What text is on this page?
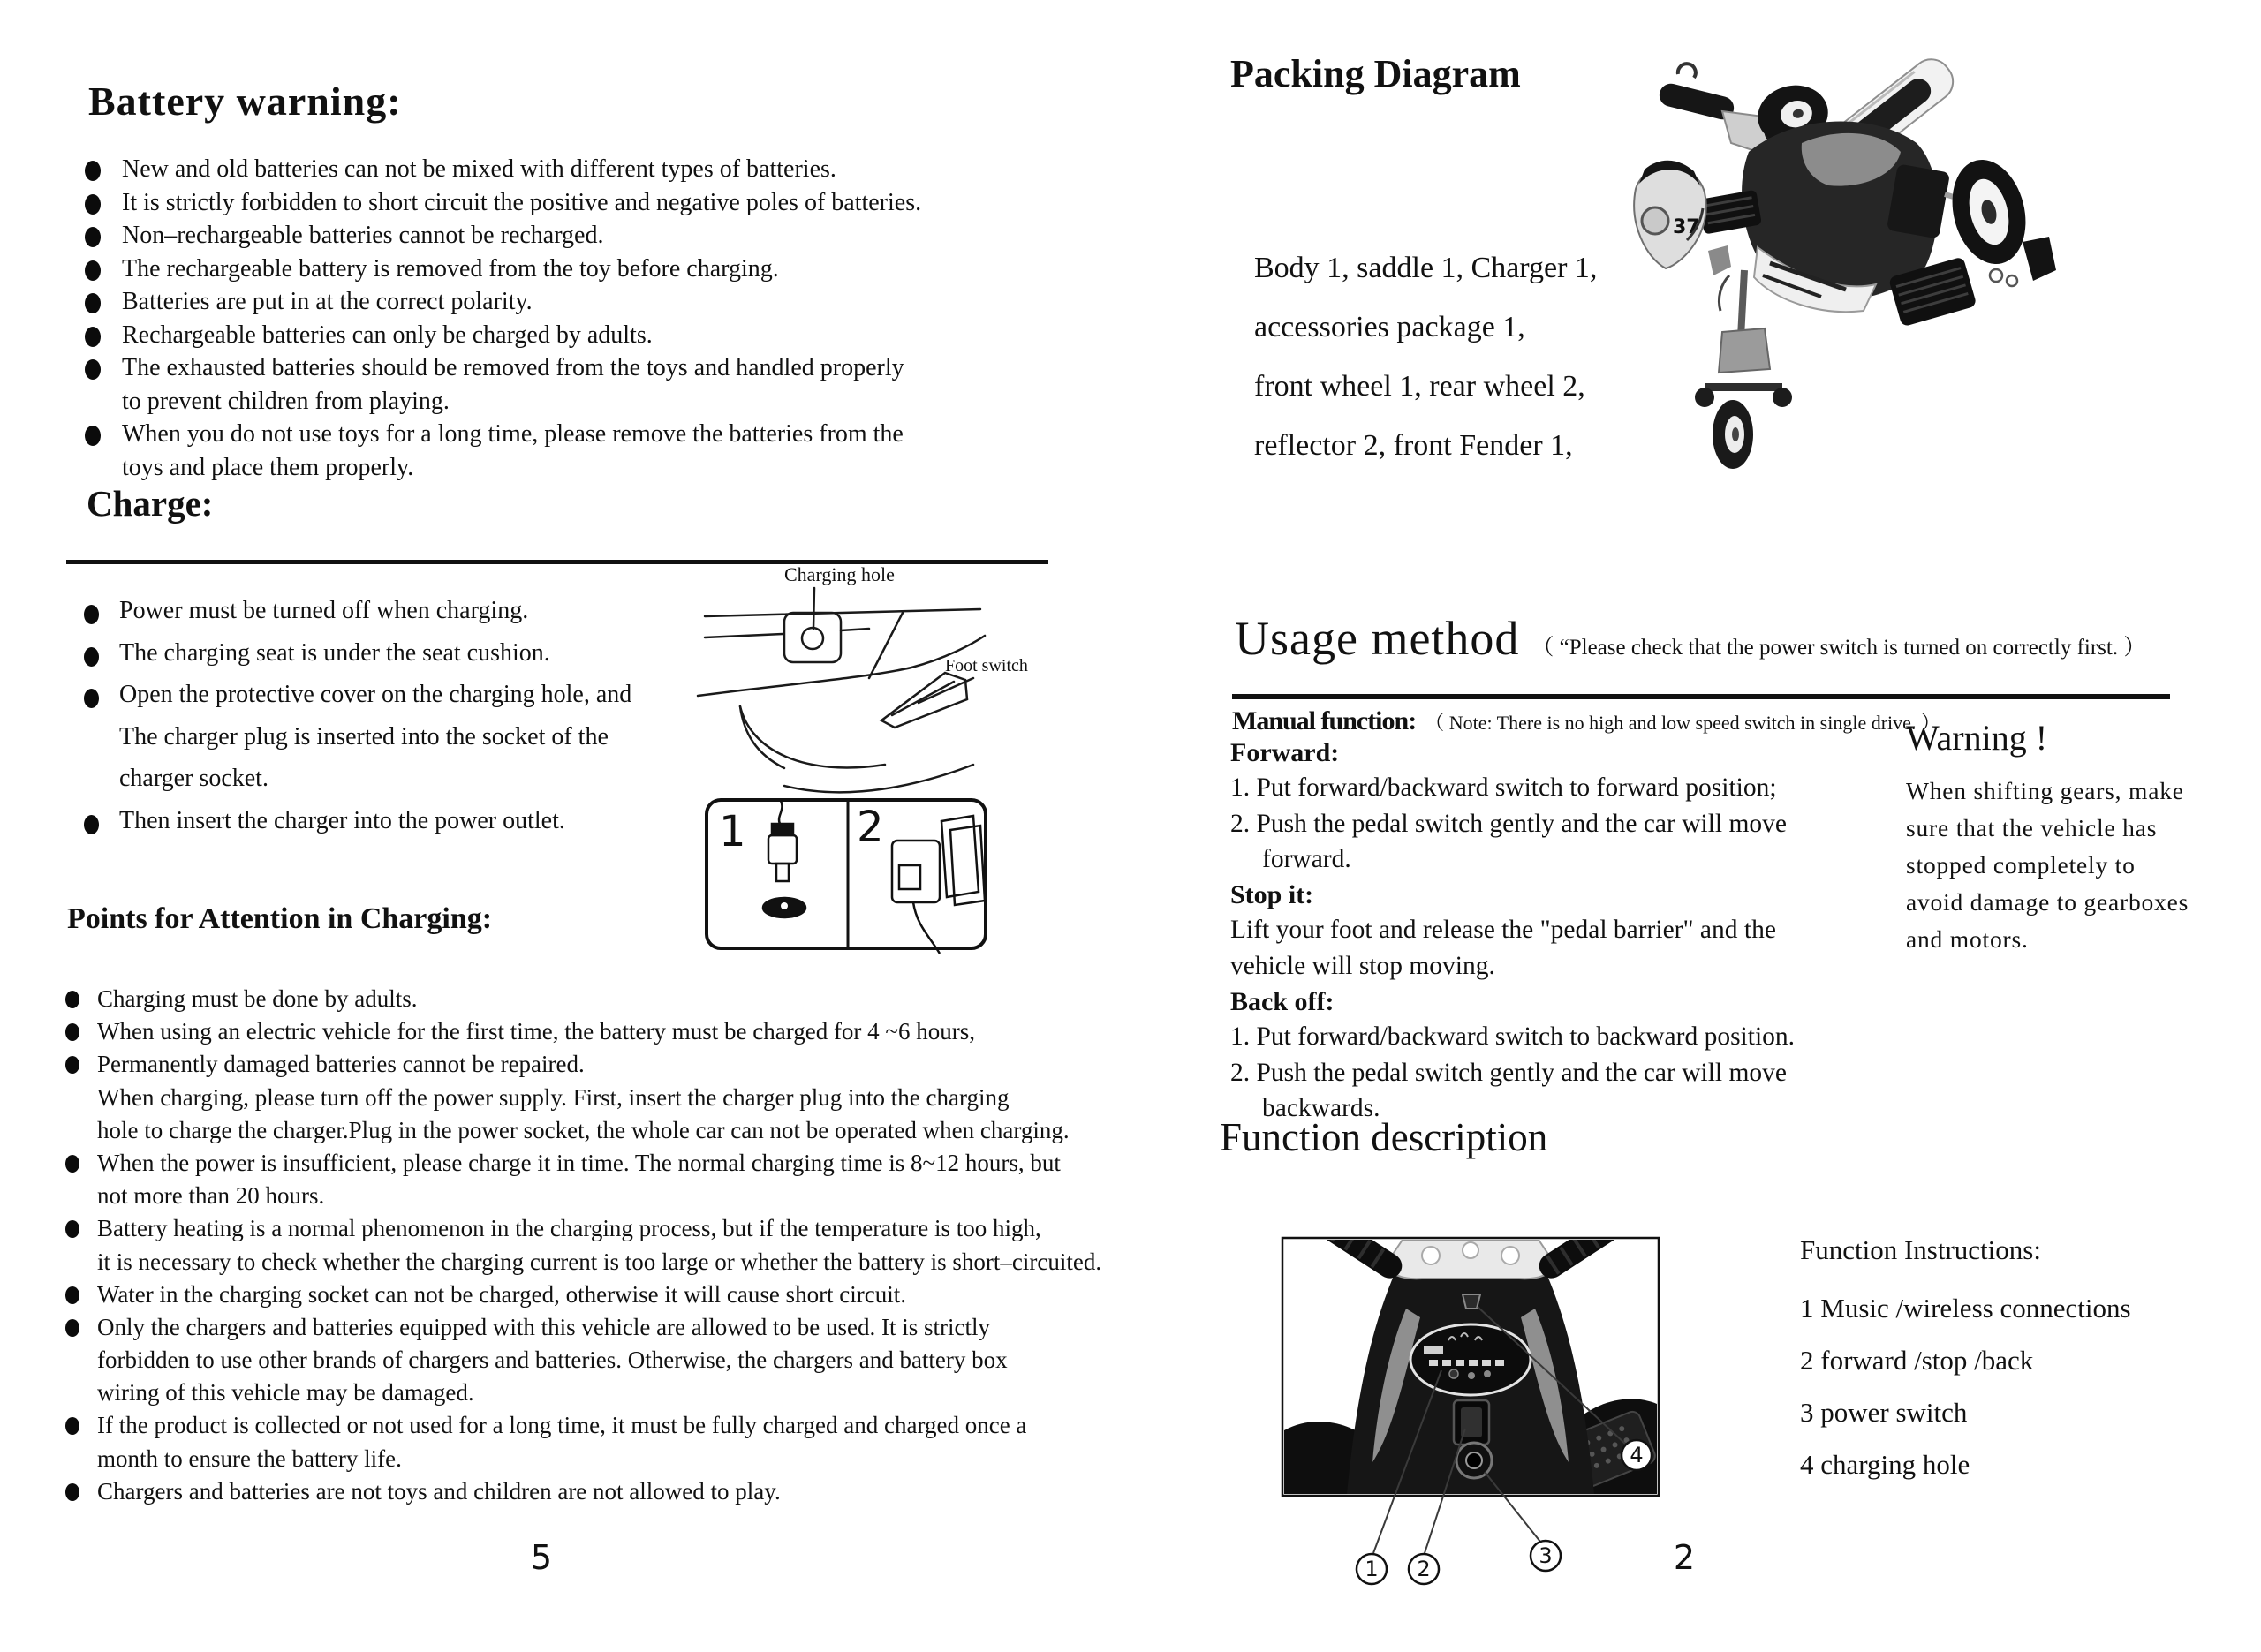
Battery warning:
New and old batteries can not be mixed with different types of batteries.
It is strictly forbidden to short circuit the positive and negative poles of batteries.
Non–rechargeable batteries cannot be recharged.
The rechargeable battery is removed from the toy before charging.
Batteries are put in at the correct polarity.
Rechargeable batteries can only be charged by adults.
The exhausted batteries should be removed from the toys and handled properly
to prevent children from playing.
When you do not use toys for a long time, please remove the batteries from the
toys and place them properly.
Charge:
Power must be turned off when charging.
The charging seat is under the seat cushion.
Open the protective cover on the charging hole, and
The charger plug is inserted into the socket of the
charger socket.
Then insert the charger into the power outlet.
Charging hole
Foot switch
1	2
Points for Attention in Charging:
Charging must be done by adults.
When using an electric vehicle for the first time, the battery must be charged for 4 ~6 hours,
Permanently damaged batteries cannot be repaired.
When charging, please turn off the power supply. First, insert the charger plug into the charging
hole to charge the charger.Plug in the power socket, the whole car can not be operated when charging.
When the power is insufficient, please charge it in time. The normal charging time is 8~12 hours, but
not more than 20 hours.
Battery heating is a normal phenomenon in the charging process, but if the temperature is too high,
it is necessary to check whether the charging current is too large or whether the battery is short–circuited.
Water in the charging socket can not be charged, otherwise it will cause short circuit.
Only the chargers and batteries equipped with this vehicle are allowed to be used. It is strictly
forbidden to use other brands of chargers and batteries. Otherwise, the chargers and battery box
wiring of this vehicle may be damaged.
If the product is collected or not used for a long time, it must be fully charged and charged once a
month to ensure the battery life.
Chargers and batteries are not toys and children are not allowed to play.
5
Packing Diagram
Body 1, saddle 1, Charger 1,
accessories package 1,
front wheel 1, rear wheel 2,
reflector 2, front Fender 1,
37
Usage method （ “Please check that the power switch is turned on correctly first. ）
Manual function: （ Note: There is no high and low speed switch in single drive. ）
Forward:
1. Put forward/backward switch to forward position;
2. Push the pedal switch gently and the car will move
forward.
Stop it:
Lift your foot and release the "pedal barrier" and the
vehicle will stop moving.
Back off:
1. Put forward/backward switch to backward position.
2. Push the pedal switch gently and the car will move
backwards.
Warning !
When shifting gears, make
sure that the vehicle has
stopped completely to
avoid damage to gearboxes
and motors.
Function description
1 2
3
4
Function Instructions:
1 Music /wireless connections
2 forward /stop /back
3 power switch
4 charging hole
2
